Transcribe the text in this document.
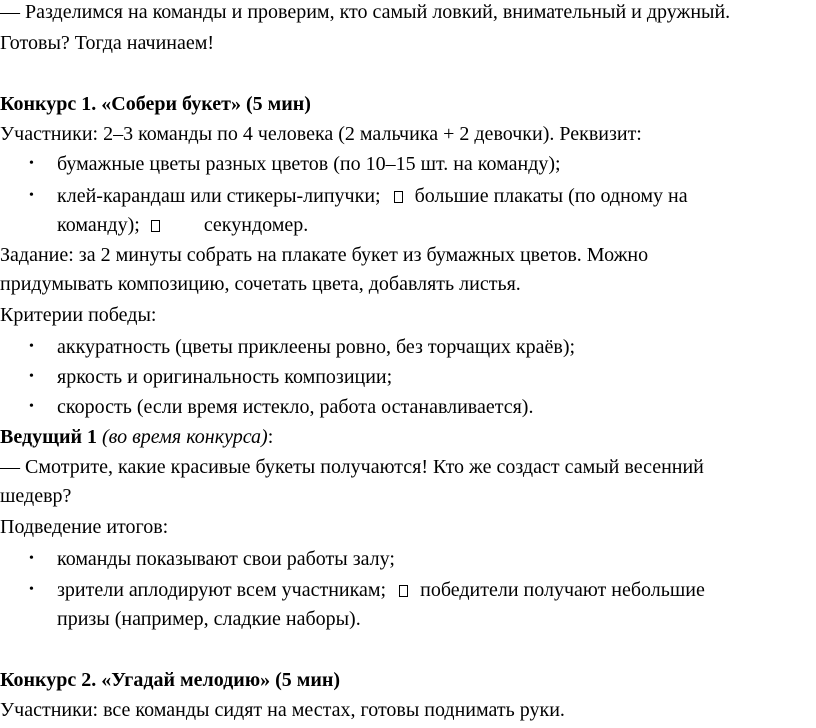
— Разделимся на команды и проверим, кто самый ловкий, внимательный и дружный.
Готовы? Тогда начинаем!
Конкурс 1. «Собери букет» (5 мин)
Участники: 2–3 команды по 4 человека (2 мальчика + 2 девочки). Реквизит:
• бумажные цветы разных цветов (по 10–15 шт. на команду);
• клей-карандаш или стикеры-липучки; большие плакаты (по одному на
команду);	секундомер.
Задание: за 2 минуты собрать на плакате букет из бумажных цветов. Можно
придумывать композицию, сочетать цвета, добавлять листья.
Критерии победы:
• аккуратность (цветы приклеены ровно, без торчащих краёв);
• яркость и оригинальность композиции;
• скорость (если время истекло, работа останавливается).
Ведущий 1 (во время конкурса):
— Смотрите, какие красивые букеты получаются! Кто же создаст самый весенний
шедевр?
Подведение итогов:
• команды показывают свои работы залу;
• зрители аплодируют всем участникам; победители получают небольшие
призы (например, сладкие наборы).
Конкурс 2. «Угадай мелодию» (5 мин)
Участники: все команды сидят на местах, готовы поднимать руки.
